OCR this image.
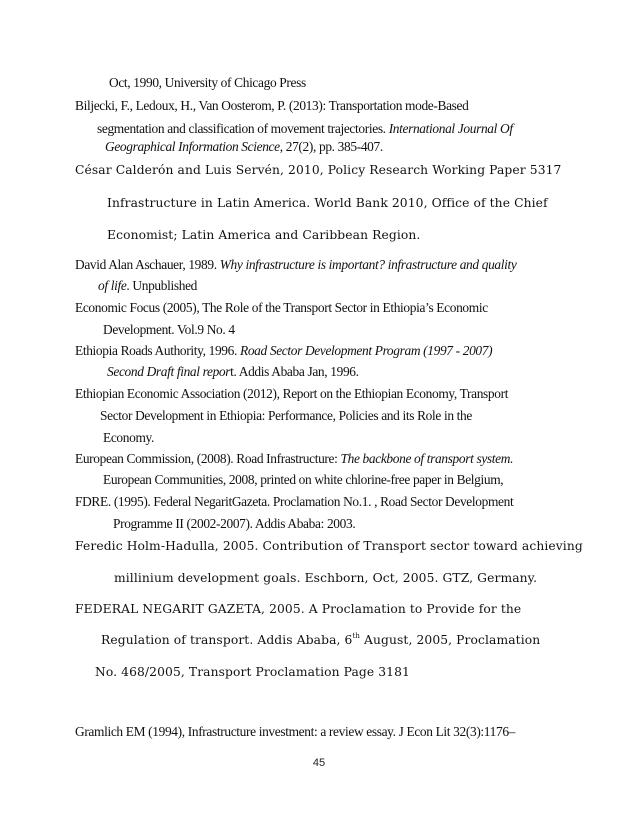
Oct, 1990, University of Chicago Press
Biljecki, F., Ledoux, H., Van Oosterom, P. (2013): Transportation mode-Based
segmentation and classification of movement trajectories. International Journal Of
Geographical Information Science, 27(2), pp. 385-407.
César Calderón and Luis Servén, 2010, Policy Research Working Paper 5317
Infrastructure in Latin America. World Bank 2010, Office of the Chief
Economist; Latin America and Caribbean Region.
David Alan Aschauer, 1989. Why infrastructure is important? infrastructure and quality
of life. Unpublished
Economic Focus (2005), The Role of the Transport Sector in Ethiopia’s Economic
Development. Vol.9 No. 4
Ethiopia Roads Authority, 1996. Road Sector Development Program (1997 - 2007)
Second Draft final report. Addis Ababa Jan, 1996.
Ethiopian Economic Association (2012), Report on the Ethiopian Economy, Transport
Sector Development in Ethiopia: Performance, Policies and its Role in the
Economy.
European Commission, (2008). Road Infrastructure: The backbone of transport system.
European Communities, 2008, printed on white chlorine-free paper in Belgium,
FDRE. (1995). Federal NegaritGazeta. Proclamation No.1. , Road Sector Development
Programme II (2002-2007). Addis Ababa: 2003.
Feredic Holm-Hadulla, 2005. Contribution of Transport sector toward achieving
millinium development goals. Eschborn, Oct, 2005. GTZ, Germany.
FEDERAL NEGARIT GAZETA, 2005. A Proclamation to Provide for the
Regulation of transport. Addis Ababa, 6th August, 2005, Proclamation
No. 468/2005, Transport Proclamation Page 3181
Gramlich EM (1994), Infrastructure investment: a review essay. J Econ Lit 32(3):1176–
45
